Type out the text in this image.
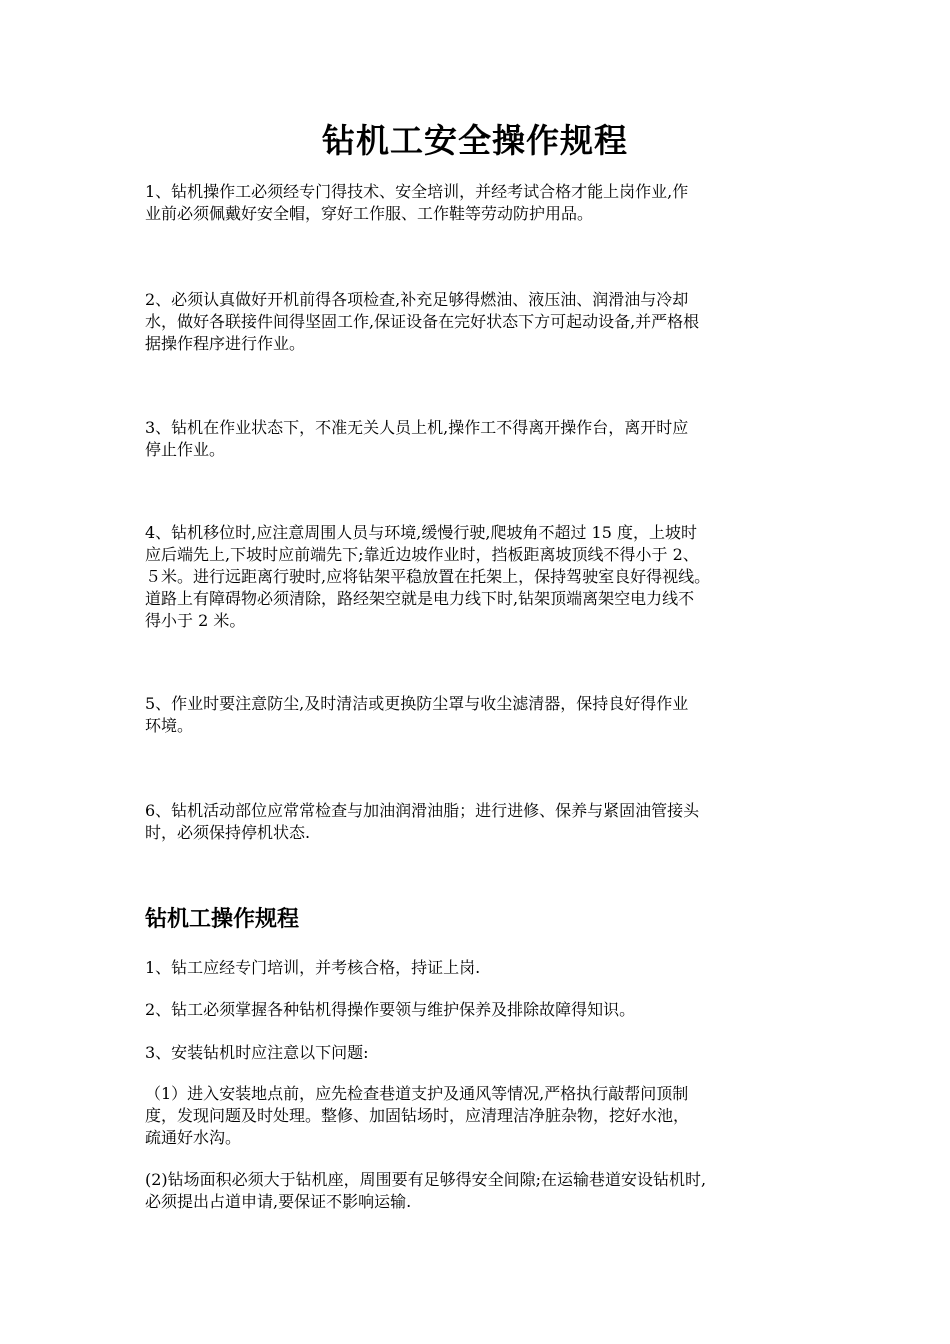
钻机工安全操作规程
1、钻机操作工必须经专门得技术、安全培训，并经考试合格才能上岗作业,作
业前必须佩戴好安全帽，穿好工作服、工作鞋等劳动防护用品。
2、必须认真做好开机前得各项检查,补充足够得燃油、液压油、润滑油与冷却
水，做好各联接件间得坚固工作,保证设备在完好状态下方可起动设备,并严格根
据操作程序进行作业。
3、钻机在作业状态下，不准无关人员上机,操作工不得离开操作台，离开时应
停止作业。
4、钻机移位时,应注意周围人员与环境,缓慢行驶,爬坡角不超过 15 度，上坡时
应后端先上,下坡时应前端先下;靠近边坡作业时，挡板距离坡顶线不得小于 2、
５米。进行远距离行驶时,应将钻架平稳放置在托架上，保持驾驶室良好得视线。
道路上有障碍物必须清除，路经架空就是电力线下时,钻架顶端离架空电力线不
得小于 2 米。
5、作业时要注意防尘,及时清洁或更换防尘罩与收尘滤清器，保持良好得作业
环境。
6、钻机活动部位应常常检查与加油润滑油脂；进行进修、保养与紧固油管接头
时，必须保持停机状态.
钻机工操作规程
1、钻工应经专门培训，并考核合格，持证上岗.
2、钻工必须掌握各种钻机得操作要领与维护保养及排除故障得知识。
3、安装钻机时应注意以下问题:
（1）进入安装地点前，应先检查巷道支护及通风等情况,严格执行敲帮问顶制
度，发现问题及时处理。整修、加固钻场时，应清理洁净脏杂物，挖好水池，
疏通好水沟。
(2)钻场面积必须大于钻机座，周围要有足够得安全间隙;在运输巷道安设钻机时,
必须提出占道申请,要保证不影响运输.
